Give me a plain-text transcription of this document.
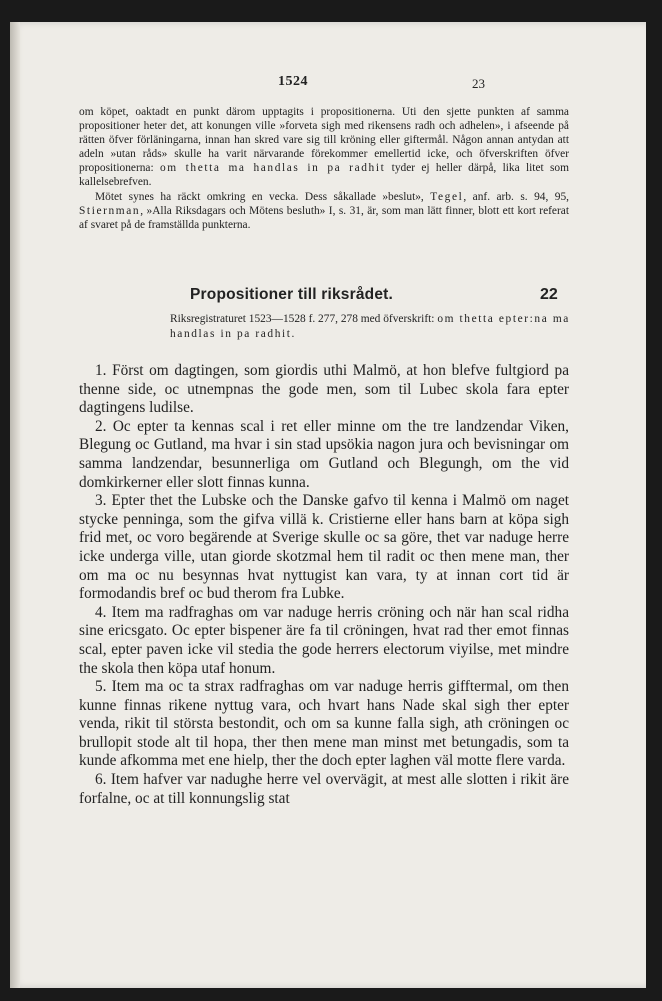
1524	23

om köpet, oaktadt en punkt därom upptagits i propositionerna. Uti den sjette punkten af samma propositioner heter det, att konungen ville »forveta sigh med rikensens radh och adhelen», i afseende på rätten öfver förläningarna, innan han skred vare sig till kröning eller giftermål. Någon annan antydan att adeln »utan råds» skulle ha varit närvarande förekommer emellertid icke, och öfverskriften öfver propositionerna: om thetta ma handlas in pa radhit tyder ej heller därpå, lika litet som kallelsebrefven.

Mötet synes ha räckt omkring en vecka. Dess såkallade »beslut», Tegel, anf. arb. s. 94, 95, Stiernman, »Alla Riksdagars och Mötens besluth» I, s. 31, är, som man lätt finner, blott ett kort referat af svaret på de framställda punkterna.

Propositioner till riksrådet.	22
Riksregistraturet 1523—1528 f. 277, 278 med öfverskrift: om thetta epter:na ma handlas in pa radhit.

1. Först om dagtingen, som giordis uthi Malmö, at hon blefve fultgiord pa thenne side, oc utnempnas the gode men, som til Lubec skola fara epter dagtingens ludilse.

2. Oc epter ta kennas scal i ret eller minne om the tre landzendar Viken, Blegung oc Gutland, ma hvar i sin stad upsökia nagon jura och bevisningar om samma landzendar, besunnerliga om Gutland och Blegungh, om the vid domkirkerner eller slott finnas kunna.

3. Epter thet the Lubske och the Danske gafvo til kenna i Malmö om naget stycke penninga, som the gifva villä k. Cristierne eller hans barn at köpa sigh frid met, oc voro begärende at Sverige skulle oc sa göre, thet var naduge herre icke underga ville, utan giorde skotzmal hem til radit oc then mene man, ther om ma oc nu besynnas hvat nyttugist kan vara, ty at innan cort tid är formodandis bref oc bud therom fra Lubke.

4. Item ma radfraghas om var naduge herris cröning och när han scal ridha sine ericsgato. Oc epter bispener äre fa til cröningen, hvat rad ther emot finnas scal, epter paven icke vil stedia the gode herrers electorum viyilse, met mindre the skola then köpa utaf honum.

5. Item ma oc ta strax radfraghas om var naduge herris gifftermal, om then kunne finnas rikene nyttug vara, och hvart hans Nade skal sigh ther epter venda, rikit til största bestondit, och om sa kunne falla sigh, ath cröningen oc brullopit stode alt til hopa, ther then mene man minst met betungadis, som ta kunde afkomma met ene hielp, ther the doch epter laghen väl motte flere varda.

6. Item hafver var nadughe herre vel overvägit, at mest alle slotten i rikit äre forfalne, oc at till konnungslig stat
